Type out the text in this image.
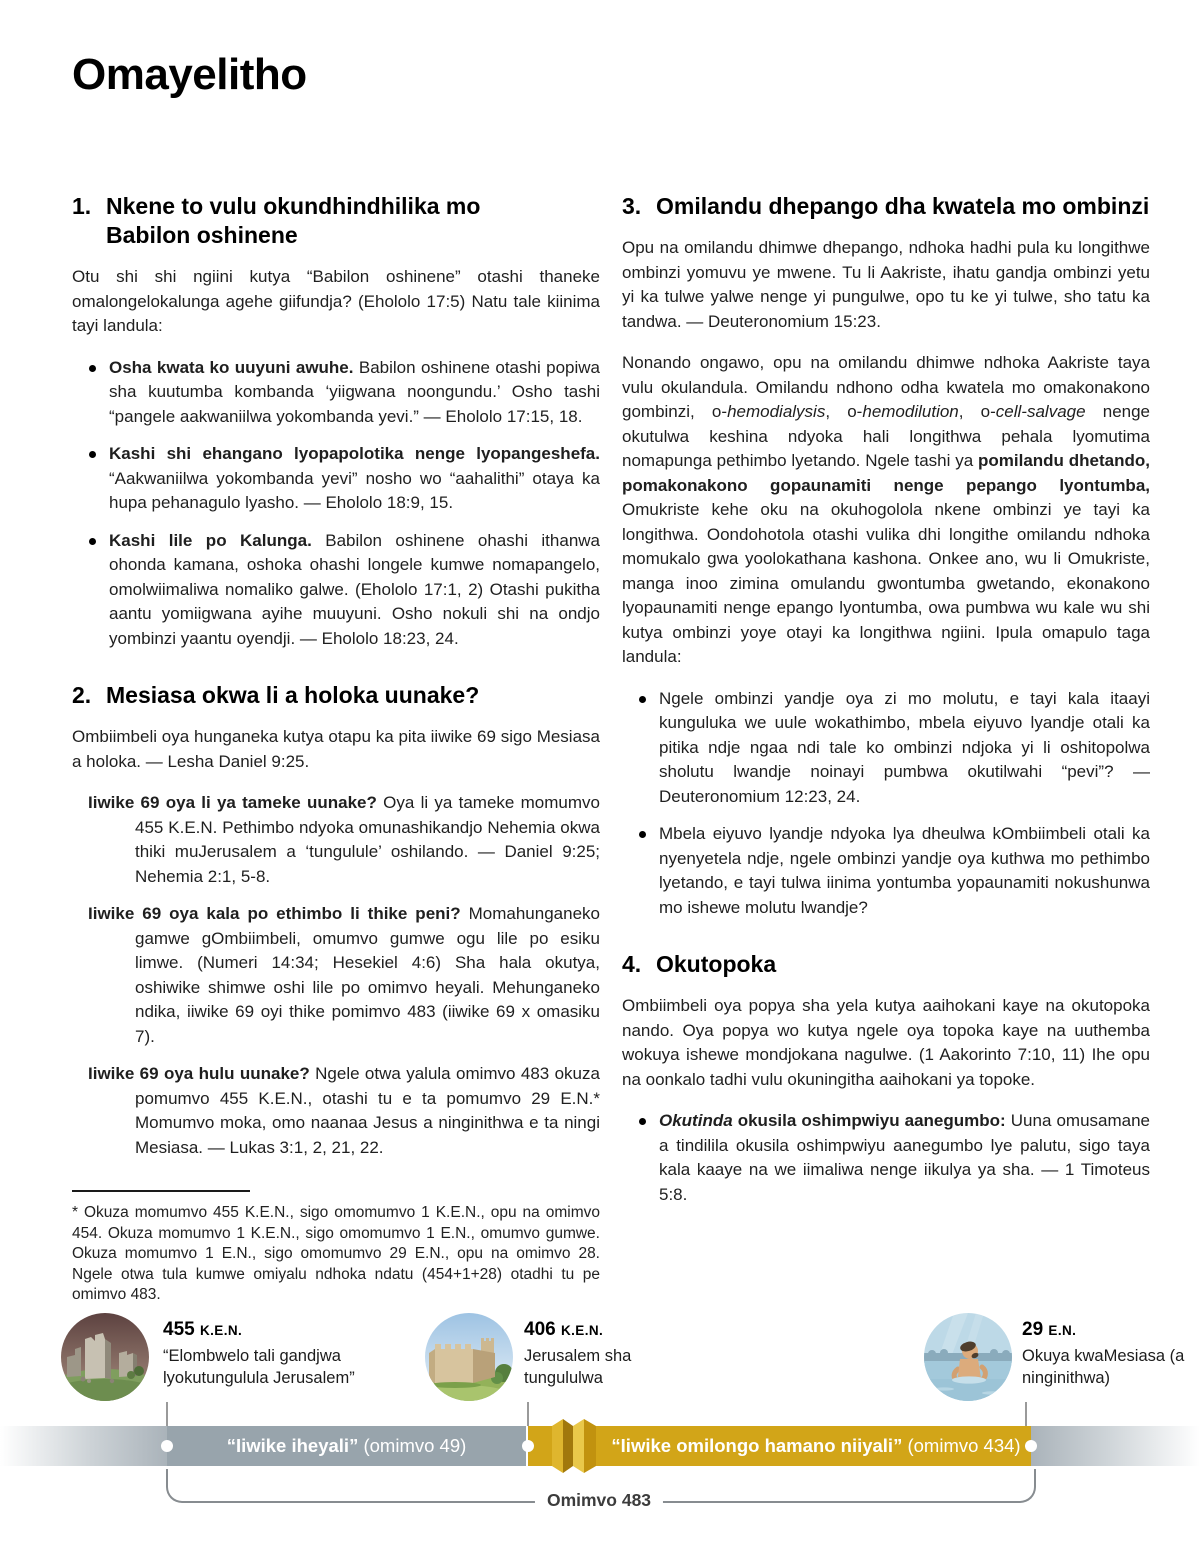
Omayelitho
1. Nkene to vulu okundhindhilika mo Babilon oshinene

Otu shi shi ngiini kutya “Babilon oshinene” otashi thaneke omalongelokalunga agehe giifundja? (Ehololo 17:5) Natu tale kiinima tayi landula:

Osha kwata ko uuyuni awuhe. Babilon oshinene otashi popiwa sha kuutumba kombanda ‘yiigwana noongundu.’ Osho tashi “pangele aakwaniilwa yokombanda yevi.” — Ehololo 17:15, 18.
Kashi shi ehangano lyopapolotika nenge lyopangeshefa. “Aakwaniilwa yokombanda yevi” nosho wo “aahalithi” otaya ka hupa pehanagulo lyasho. — Ehololo 18:9, 15.
Kashi lile po Kalunga. Babilon oshinene ohashi ithanwa ohonda kamana, oshoka ohashi longele kumwe nomapangelo, omolwiimaliwa nomaliko galwe. (Ehololo 17:1, 2) Otashi pukitha aantu yomiigwana ayihe muuyuni. Osho nokuli shi na ondjo yombinzi yaantu oyendji. — Ehololo 18:23, 24.
2. Mesiasa okwa li a holoka uunake?

Ombiimbeli oya hunganeka kutya otapu ka pita iiwike 69 sigo Mesiasa a holoka. — Lesha Daniel 9:25.

Iiwike 69 oya li ya tameke uunake? Oya li ya tameke momumvo 455 K.E.N. Pethimbo ndyoka omunashikandjo Nehemia okwa thiki muJerusalem a ‘tungulule’ oshilando. — Daniel 9:25; Nehemia 2:1, 5-8.

Iiwike 69 oya kala po ethimbo li thike peni? Momahunganeko gamwe gOmbiimbeli, omumvo gumwe ogu lile po esiku limwe. (Numeri 14:34; Hesekiel 4:6) Sha hala okutya, oshiwike shimwe oshi lile po omimvo heyali. Mehunganeko ndika, iiwike 69 oyi thike pomimvo 483 (iiwike 69 x omasiku 7).

Iiwike 69 oya hulu uunake? Ngele otwa yalula omimvo 483 okuza pomumvo 455 K.E.N., otashi tu e ta pomumvo 29 E.N.* Momumvo moka, omo naanaa Jesus a ninginithwa e ta ningi Mesiasa. — Lukas 3:1, 2, 21, 22.

* Okuza momumvo 455 K.E.N., sigo omomumvo 1 K.E.N., opu na omimvo 454. Okuza momumvo 1 K.E.N., sigo omomumvo 1 E.N., omumvo gumwe. Okuza momumvo 1 E.N., sigo omomumvo 29 E.N., opu na omimvo 28. Ngele otwa tula kumwe omiyalu ndhoka ndatu (454+1+28) otadhi tu pe omimvo 483.

3. Omilandu dhepango dha kwatela mo ombinzi

Opu na omilandu dhimwe dhepango, ndhoka hadhi pula ku longithwe ombinzi yomuvu ye mwene. Tu li Aakriste, ihatu gandja ombinzi yetu yi ka tulwe yalwe nenge yi pungulwe, opo tu ke yi tulwe, sho tatu ka tandwa. — Deuteronomium 15:23.

Nonando ongawo, opu na omilandu dhimwe ndhoka Aakriste taya vulu okulandula. Omilandu ndhono odha kwatela mo omakonakono gombinzi, o-hemodialysis, o-hemodilution, o-cell-salvage nenge okutulwa keshina ndyoka hali longithwa pehala lyomutima nomapunga pethimbo lyetando. Ngele tashi ya pomilandu dhetando, pomakonakono gopaunamiti nenge pepango lyontumba, Omukriste kehe oku na okuhogolola nkene ombinzi ye tayi ka longithwa. Oondohotola otashi vulika dhi longithe omilandu ndhoka momukalo gwa yoolokathana kashona. Onkee ano, wu li Omukriste, manga inoo zimina omulandu gwontumba gwetando, ekonakono lyopaunamiti nenge epango lyontumba, owa pumbwa wu kale wu shi kutya ombinzi yoye otayi ka longithwa ngiini. Ipula omapulo taga landula:

Ngele ombinzi yandje oya zi mo molutu, e tayi kala itaayi kunguluka we uule wokathimbo, mbela eiyuvo lyandje otali ka pitika ndje ngaa ndi tale ko ombinzi ndjoka yi li oshitopolwa sholutu lwandje noinayi pumbwa okutilwahi “pevi”? — Deuteronomium 12:23, 24.
Mbela eiyuvo lyandje ndyoka lya dheulwa kOmbiimbeli otali ka nyenyetela ndje, ngele ombinzi yandje oya kuthwa mo pethimbo lyetando, e tayi tulwa iinima yontumba yopaunamiti nokushunwa mo ishewe molutu lwandje?
4. Okutopoka

Ombiimbeli oya popya sha yela kutya aaihokani kaye na okutopoka nando. Oya popya wo kutya ngele oya topoka kaye na uuthemba wokuya ishewe mondjokana nagulwe. (1 Aakorinto 7:10, 11) Ihe opu na oonkalo tadhi vulu okuningitha aaihokani ya topoke.

Okutinda okusila oshimpwiyu aanegumbo: Uuna omusamane a tindilila okusila oshimpwiyu aanegumbo lye palutu, sigo taya kala kaaye na we iimaliwa nenge iikulya ya sha. — 1 Timoteus 5:8.
455 K.E.N.
“Elombwelo tali gandjwa lyokutungulula Jerusalem”
406 K.E.N.
Jerusalem sha tungululwa
29 E.N.
Okuya kwaMesiasa (a ninginithwa)
“Iiwike iheyali” (omimvo 49)	“Iiwike omilongo hamano niiyali” (omimvo 434)
Omimvo 483
